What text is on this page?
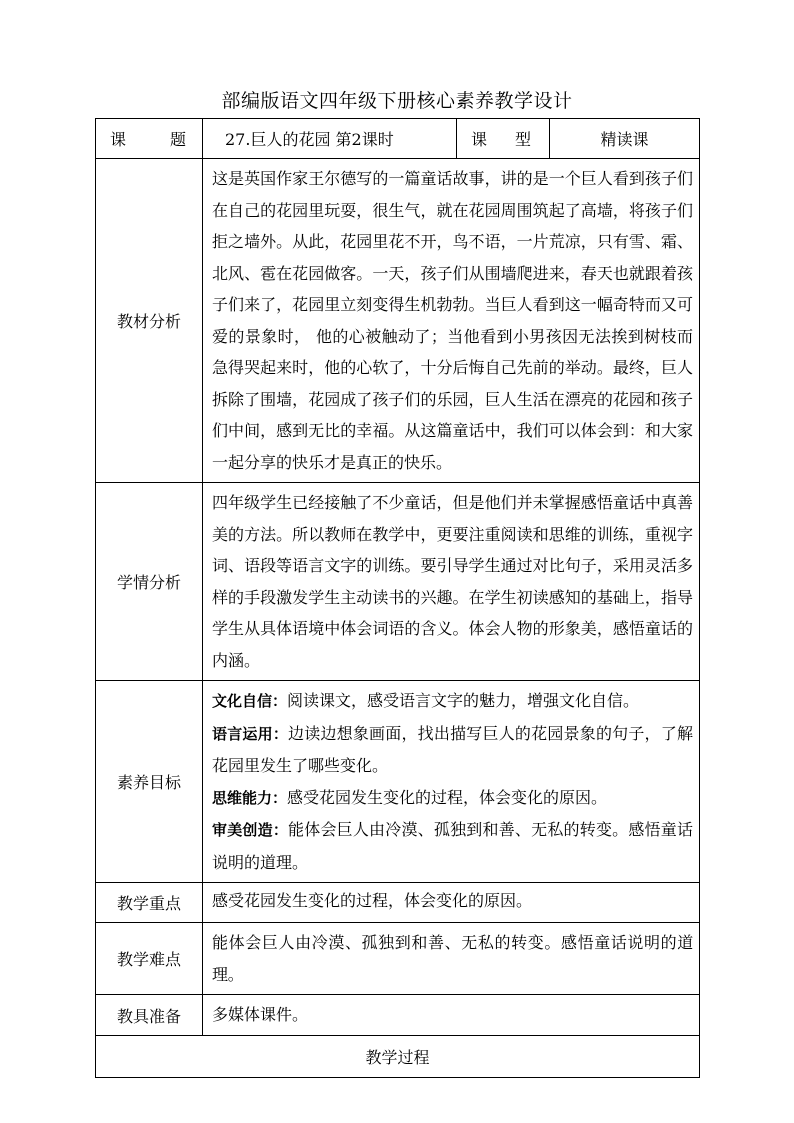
部编版语文四年级下册核心素养教学设计
课 题	27.巨人的花园 第2课时	课 型	精读课
教材分析	这是英国作家王尔德写的一篇童话故事，讲的是一个巨人看到孩子们在自己的花园里玩耍，很生气，就在花园周围筑起了高墙，将孩子们拒之墙外。从此，花园里花不开，鸟不语，一片荒凉，只有雪、霜、北风、雹在花园做客。一天，孩子们从围墙爬进来，春天也就跟着孩子们来了，花园里立刻变得生机勃勃。当巨人看到这一幅奇特而又可爱的景象时， 他的心被触动了；当他看到小男孩因无法挨到树枝而急得哭起来时，他的心软了，十分后悔自己先前的举动。最终，巨人拆除了围墙，花园成了孩子们的乐园，巨人生活在漂亮的花园和孩子们中间，感到无比的幸福。从这篇童话中，我们可以体会到：和大家一起分享的快乐才是真正的快乐。		
学情分析	四年级学生已经接触了不少童话，但是他们并未掌握感悟童话中真善美的方法。所以教师在教学中，更要注重阅读和思维的训练，重视字词、语段等语言文字的训练。要引导学生通过对比句子，采用灵活多样的手段激发学生主动读书的兴趣。在学生初读感知的基础上，指导学生从具体语境中体会词语的含义。体会人物的形象美，感悟童话的内涵。		
素养目标	文化自信：阅读课文，感受语言文字的魅力，增强文化自信。

语言运用：边读边想象画面，找出描写巨人的花园景象的句子，了解花园里发生了哪些变化。

思维能力：感受花园发生变化的过程，体会变化的原因。

审美创造：能体会巨人由冷漠、孤独到和善、无私的转变。感悟童话说明的道理。		

教学重点	感受花园发生变化的过程，体会变化的原因。		
教学难点	能体会巨人由冷漠、孤独到和善、无私的转变。感悟童话说明的道理。		
教具准备	多媒体课件。		
教学过程			
